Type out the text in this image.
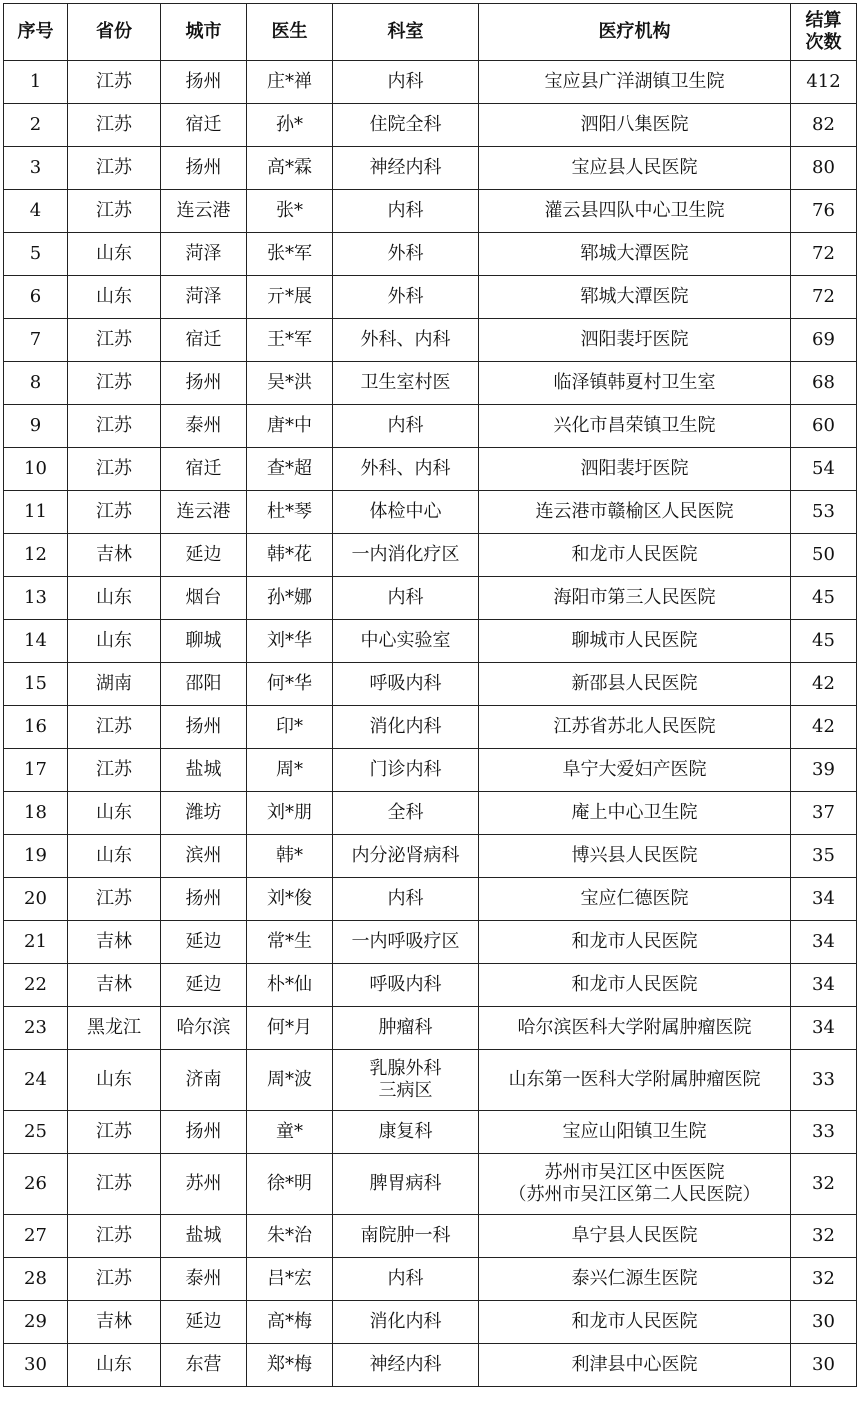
序号	省份	城市	医生	科室	医疗机构	结算
次数
1	江苏	扬州	庄*禅	内科	宝应县广洋湖镇卫生院	412
2	江苏	宿迁	孙*	住院全科	泗阳八集医院	82
3	江苏	扬州	高*霖	神经内科	宝应县人民医院	80
4	江苏	连云港	张*	内科	灌云县四队中心卫生院	76
5	山东	菏泽	张*军	外科	郓城大潭医院	72
6	山东	菏泽	亓*展	外科	郓城大潭医院	72
7	江苏	宿迁	王*军	外科、内科	泗阳裴圩医院	69
8	江苏	扬州	吴*洪	卫生室村医	临泽镇韩夏村卫生室	68
9	江苏	泰州	唐*中	内科	兴化市昌荣镇卫生院	60
10	江苏	宿迁	查*超	外科、内科	泗阳裴圩医院	54
11	江苏	连云港	杜*琴	体检中心	连云港市赣榆区人民医院	53
12	吉林	延边	韩*花	一内消化疗区	和龙市人民医院	50
13	山东	烟台	孙*娜	内科	海阳市第三人民医院	45
14	山东	聊城	刘*华	中心实验室	聊城市人民医院	45
15	湖南	邵阳	何*华	呼吸内科	新邵县人民医院	42
16	江苏	扬州	印*	消化内科	江苏省苏北人民医院	42
17	江苏	盐城	周*	门诊内科	阜宁大爱妇产医院	39
18	山东	潍坊	刘*朋	全科	庵上中心卫生院	37
19	山东	滨州	韩*	内分泌肾病科	博兴县人民医院	35
20	江苏	扬州	刘*俊	内科	宝应仁德医院	34
21	吉林	延边	常*生	一内呼吸疗区	和龙市人民医院	34
22	吉林	延边	朴*仙	呼吸内科	和龙市人民医院	34
23	黑龙江	哈尔滨	何*月	肿瘤科	哈尔滨医科大学附属肿瘤医院	34
24	山东	济南	周*波	乳腺外科
三病区	山东第一医科大学附属肿瘤医院	33
25	江苏	扬州	童*	康复科	宝应山阳镇卫生院	33
26	江苏	苏州	徐*明	脾胃病科	苏州市吴江区中医医院
（苏州市吴江区第二人民医院）	32
27	江苏	盐城	朱*治	南院肿一科	阜宁县人民医院	32
28	江苏	泰州	吕*宏	内科	泰兴仁源生医院	32
29	吉林	延边	高*梅	消化内科	和龙市人民医院	30
30	山东	东营	郑*梅	神经内科	利津县中心医院	30
